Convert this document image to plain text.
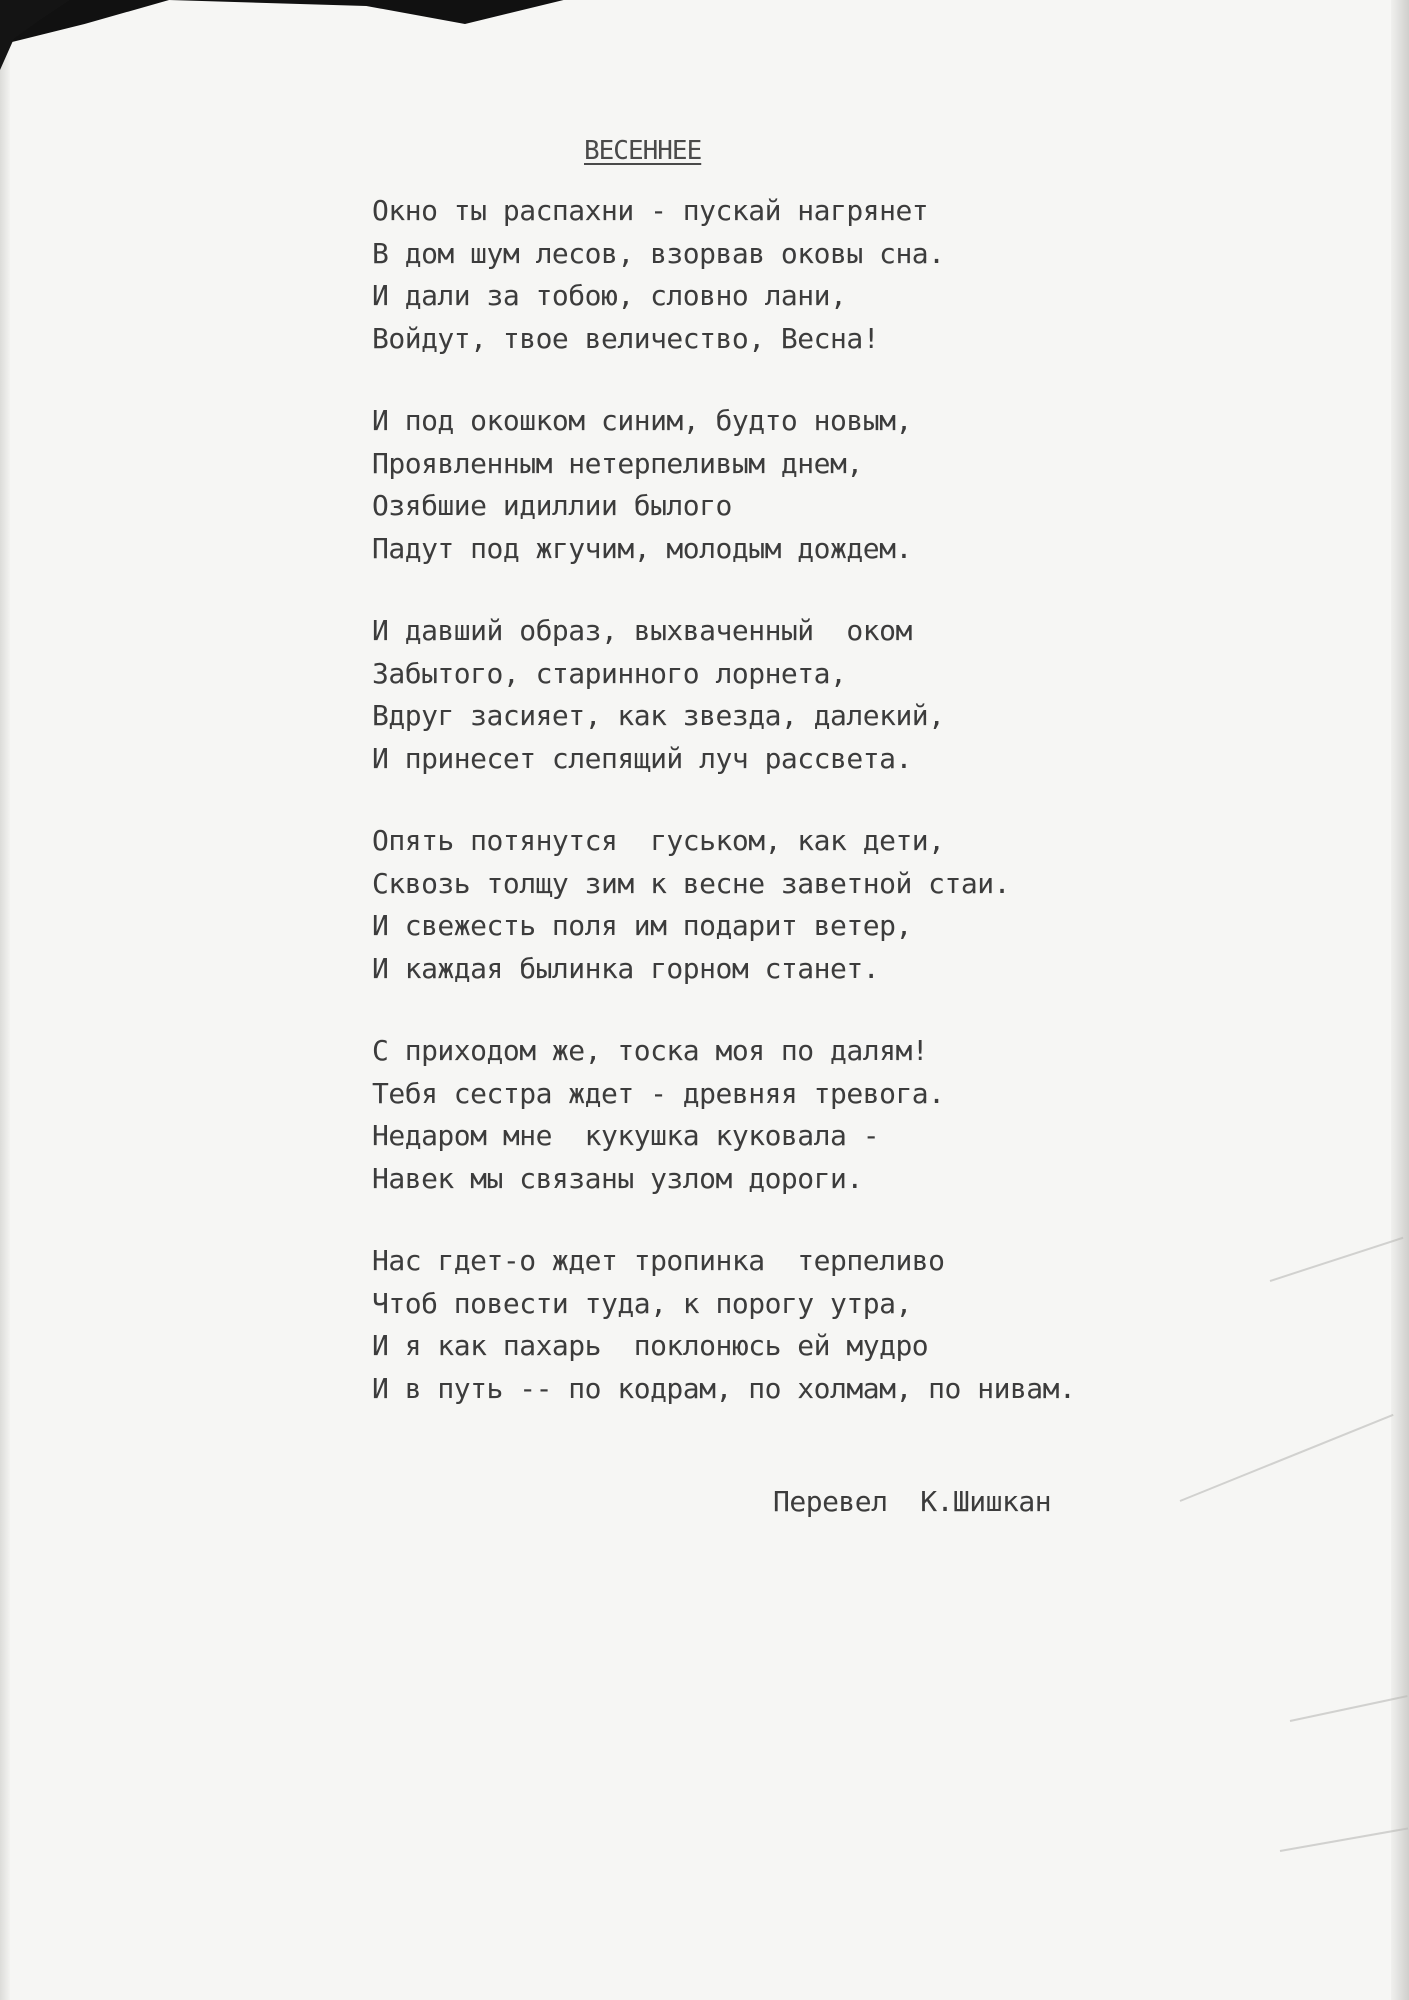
ВЕСЕННЕЕ
Окно ты распахни - пускай нагрянет
В дом шум лесов, взорвав оковы сна.
И дали за тобою, словно лани,
Войдут, твое величество, Весна!
И под окошком синим, будто новым,
Проявленным нетерпеливым днем,
Озябшие идиллии былого
Падут под жгучим, молодым дождем.
И давший образ, выхваченный  оком
Забытого, старинного лорнета,
Вдруг засияет, как звезда, далекий,
И принесет слепящий луч рассвета.
Опять потянутся  гуськом, как дети,
Сквозь толщу зим к весне заветной стаи.
И свежесть поля им подарит ветер,
И каждая былинка горном станет.
С приходом же, тоска моя по далям!
Тебя сестра ждет - древняя тревога.
Недаром мне  кукушка куковала -
Навек мы связаны узлом дороги.
Нас гдет-о ждет тропинка  терпеливо
Чтоб повести туда, к порогу утра,
И я как пахарь  поклонюсь ей мудро
И в путь -- по кодрам, по холмам, по нивам.
Перевел  К.Шишкан
